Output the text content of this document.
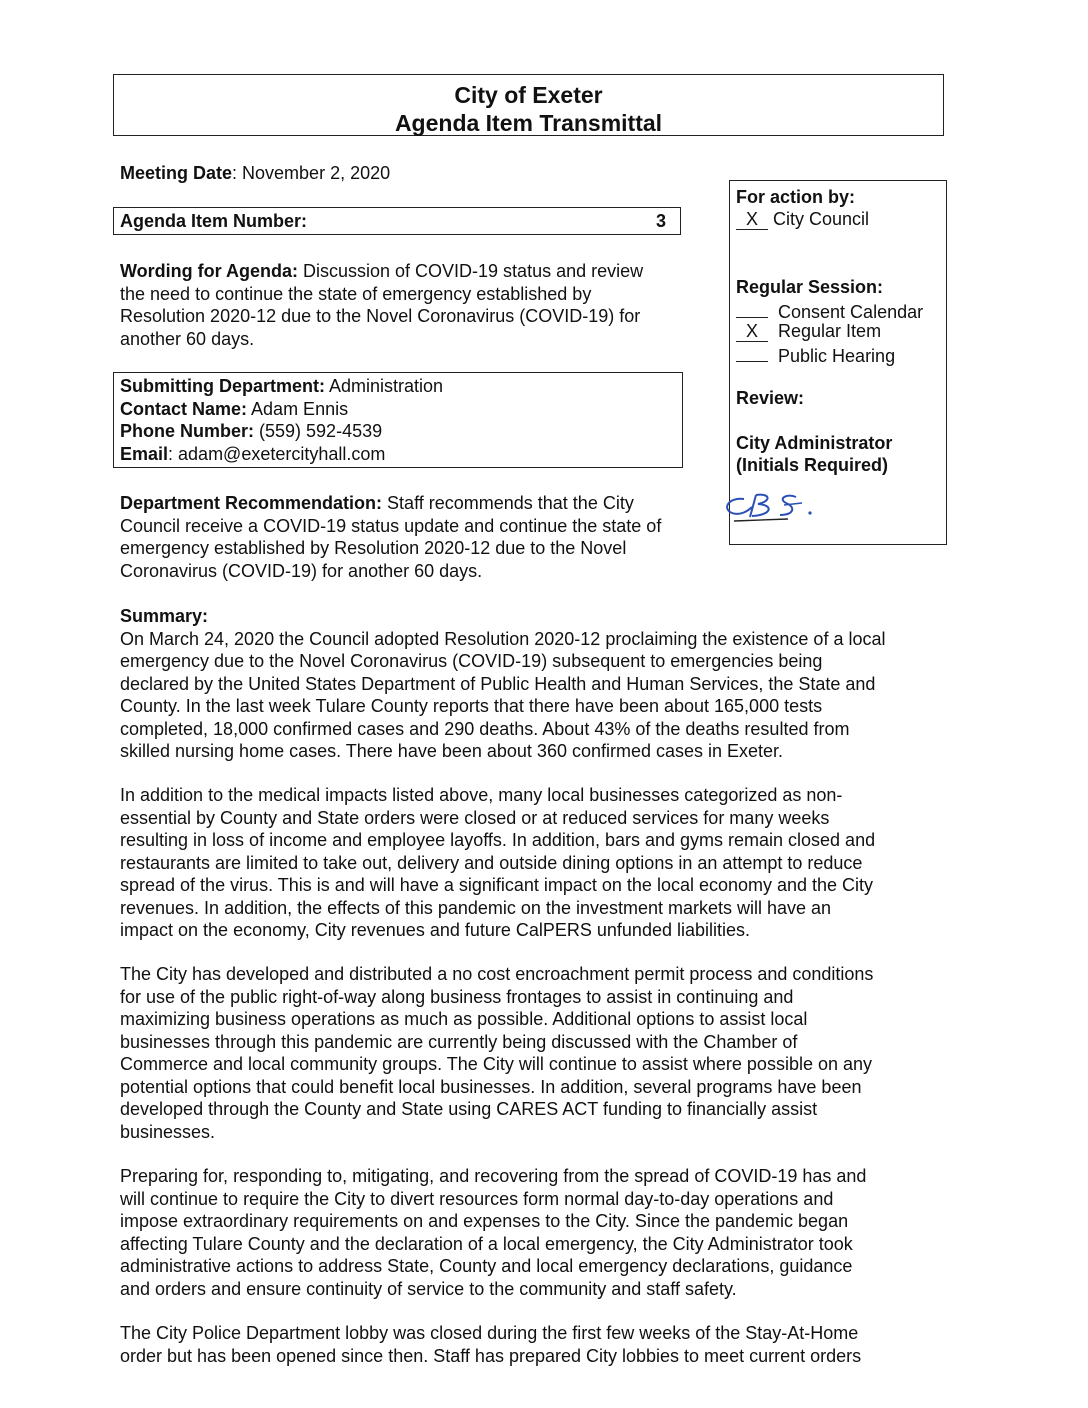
City of Exeter
Agenda Item Transmittal
Meeting Date: November 2, 2020
Agenda Item Number:	3
Wording for Agenda: Discussion of COVID-19 status and review
the need to continue the state of emergency established by
Resolution 2020-12 due to the Novel Coronavirus (COVID-19) for
another 60 days.
Submitting Department: Administration
Contact Name: Adam Ennis
Phone Number: (559) 592-4539
Email: adam@exetercityhall.com
Department Recommendation: Staff recommends that the City
Council receive a COVID-19 status update and continue the state of
emergency established by Resolution 2020-12 due to the Novel
Coronavirus (COVID-19) for another 60 days.
For action by:
X City Council
Regular Session:
Consent Calendar
X Regular Item
Public Hearing
Review:
City Administrator
(Initials Required)
Summary:
On March 24, 2020 the Council adopted Resolution 2020-12 proclaiming the existence of a local
emergency due to the Novel Coronavirus (COVID-19) subsequent to emergencies being
declared by the United States Department of Public Health and Human Services, the State and
County. In the last week Tulare County reports that there have been about 165,000 tests
completed, 18,000 confirmed cases and 290 deaths. About 43% of the deaths resulted from
skilled nursing home cases. There have been about 360 confirmed cases in Exeter.
In addition to the medical impacts listed above, many local businesses categorized as non-
essential by County and State orders were closed or at reduced services for many weeks
resulting in loss of income and employee layoffs. In addition, bars and gyms remain closed and
restaurants are limited to take out, delivery and outside dining options in an attempt to reduce
spread of the virus. This is and will have a significant impact on the local economy and the City
revenues. In addition, the effects of this pandemic on the investment markets will have an
impact on the economy, City revenues and future CalPERS unfunded liabilities.
The City has developed and distributed a no cost encroachment permit process and conditions
for use of the public right-of-way along business frontages to assist in continuing and
maximizing business operations as much as possible. Additional options to assist local
businesses through this pandemic are currently being discussed with the Chamber of
Commerce and local community groups. The City will continue to assist where possible on any
potential options that could benefit local businesses. In addition, several programs have been
developed through the County and State using CARES ACT funding to financially assist
businesses.
Preparing for, responding to, mitigating, and recovering from the spread of COVID-19 has and
will continue to require the City to divert resources form normal day-to-day operations and
impose extraordinary requirements on and expenses to the City. Since the pandemic began
affecting Tulare County and the declaration of a local emergency, the City Administrator took
administrative actions to address State, County and local emergency declarations, guidance
and orders and ensure continuity of service to the community and staff safety.
The City Police Department lobby was closed during the first few weeks of the Stay-At-Home
order but has been opened since then. Staff has prepared City lobbies to meet current orders
